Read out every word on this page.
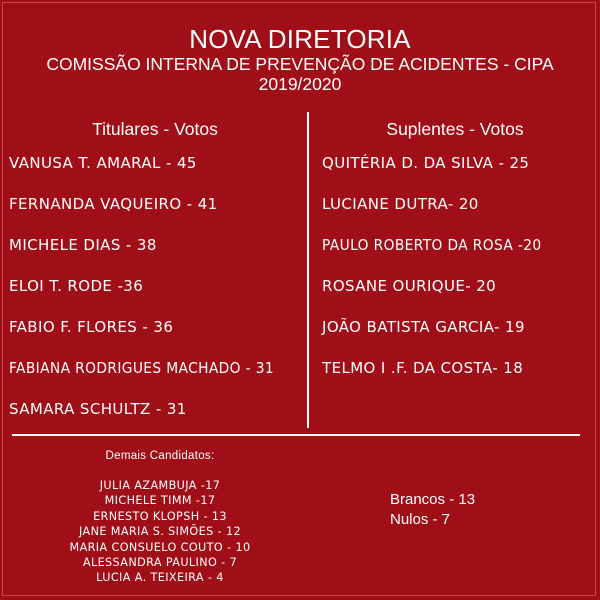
NOVA DIRETORIA
COMISSÃO INTERNA DE PREVENÇÃO DE ACIDENTES - CIPA
2019/2020
Titulares - Votos	Suplentes - Votos
VANUSA T. AMARAL - 45
FERNANDA VAQUEIRO - 41
MICHELE DIAS - 38
ELOI T. RODE -36
FABIO F. FLORES - 36
FABIANA RODRIGUES MACHADO - 31
SAMARA SCHULTZ - 31
QUITÉRIA D. DA SILVA - 25
LUCIANE DUTRA- 20
PAULO ROBERTO DA ROSA -20
ROSANE OURIQUE- 20
JOÃO BATISTA GARCIA- 19
TELMO I .F. DA COSTA- 18
Demais Candidatos:
JULIA AZAMBUJA -17
MICHELE TIMM -17
ERNESTO KLOPSH - 13
JANE MARIA S. SIMÕES - 12
MARIA CONSUELO COUTO - 10
ALESSANDRA PAULINO - 7
LUCIA A. TEIXEIRA - 4
Brancos - 13
Nulos - 7
